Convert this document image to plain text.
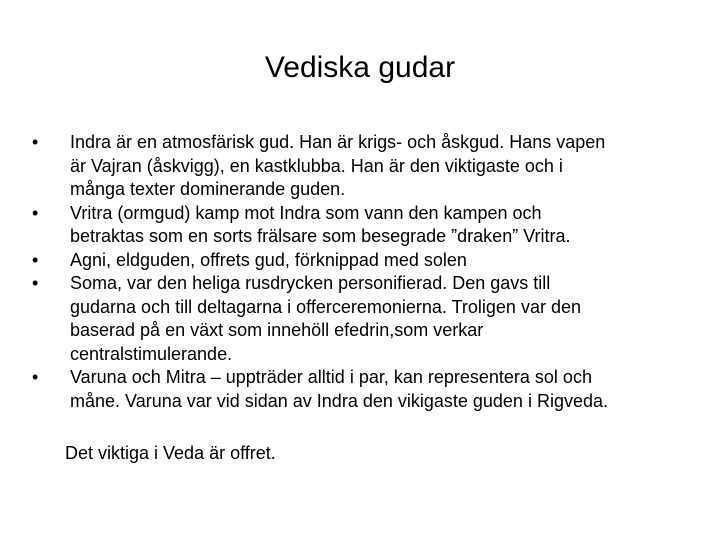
Vediska gudar
•	Indra är en atmosfärisk gud. Han är krigs- och åskgud. Hans vapen
är Vajran (åskvigg), en kastklubba. Han är den viktigaste och i
många texter dominerande guden.
•	Vritra (ormgud) kamp mot Indra som vann den kampen och
betraktas som en sorts frälsare som besegrade ”draken” Vritra.
•	Agni, eldguden, offrets gud, förknippad med solen
•	Soma, var den heliga rusdrycken personifierad. Den gavs till
gudarna och till deltagarna i offerceremonierna. Troligen var den
baserad på en växt som innehöll efedrin,som verkar
centralstimulerande.
•	Varuna och Mitra – uppträder alltid i par, kan representera sol och
måne. Varuna var vid sidan av Indra den vikigaste guden i Rigveda.

Det viktiga i Veda är offret.
